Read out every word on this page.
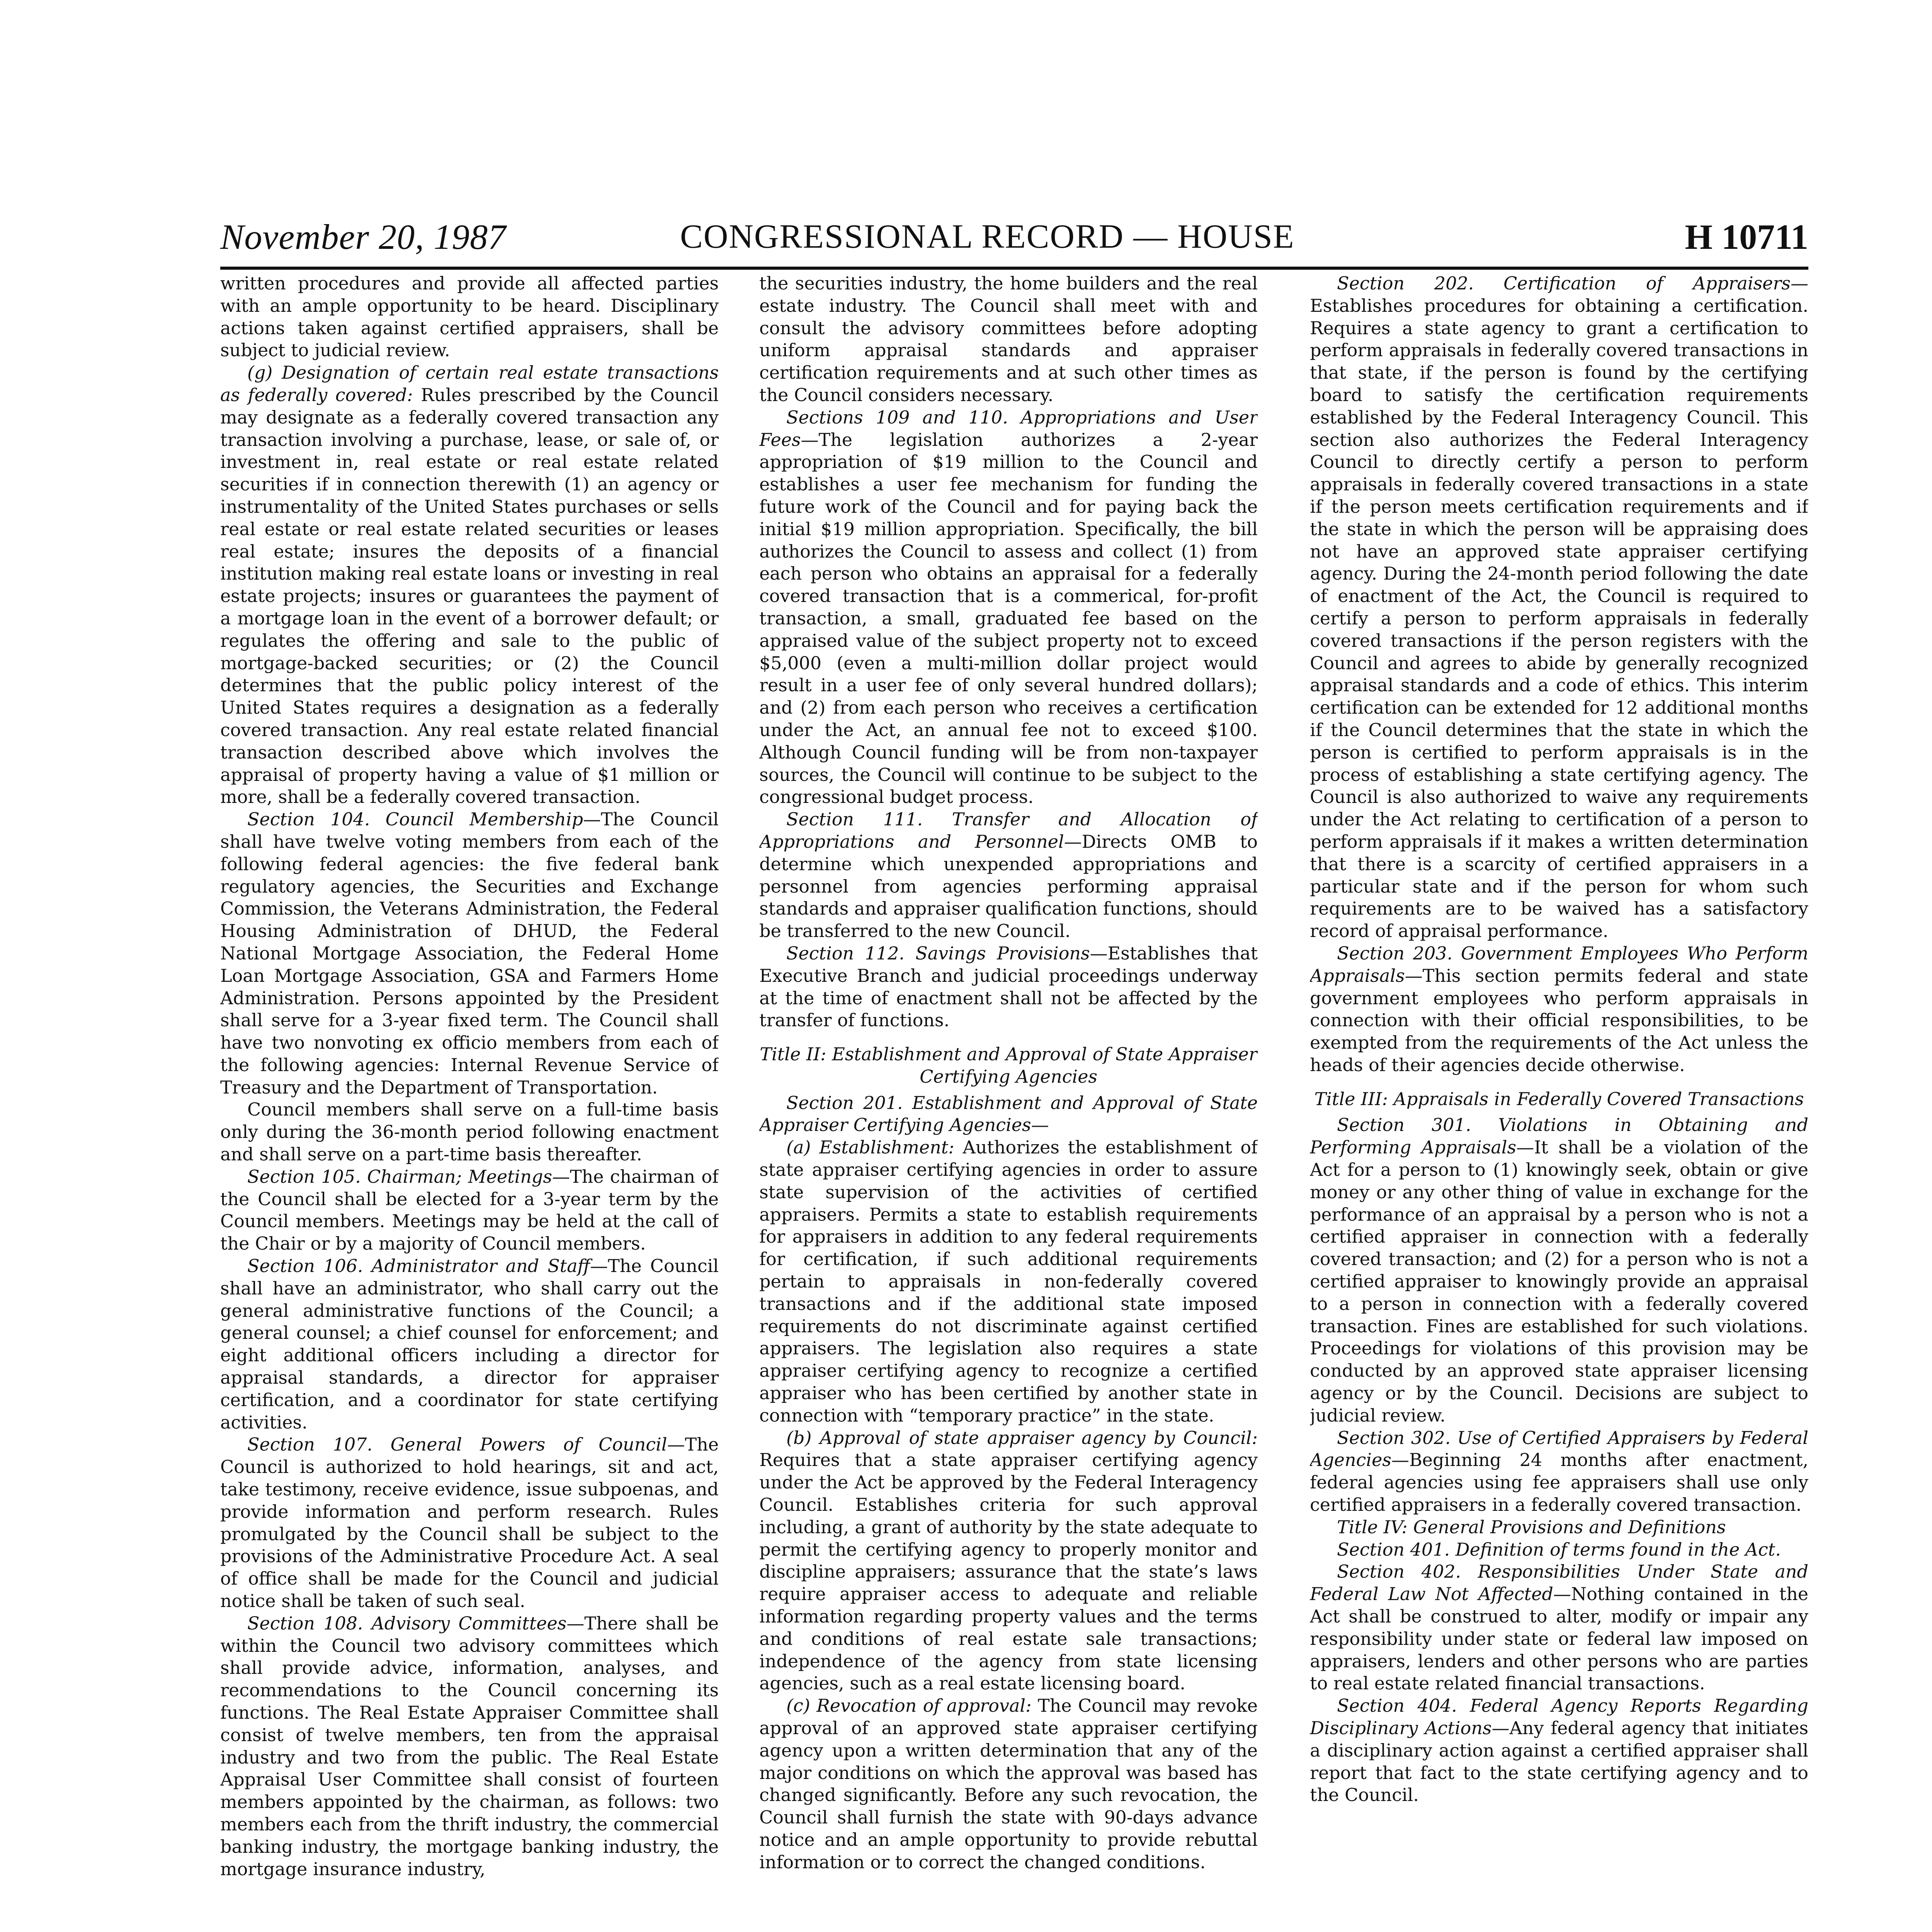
November 20, 1987	CONGRESSIONAL RECORD — HOUSE	H 10711

written procedures and provide all affected parties with an ample opportunity to be heard. Disciplinary actions taken against certified appraisers, shall be subject to judicial review.

(g) Designation of certain real estate transactions as federally covered: Rules prescribed by the Council may designate as a federally covered transaction any transaction involving a purchase, lease, or sale of, or investment in, real estate or real estate related securities if in connection therewith (1) an agency or instrumentality of the United States purchases or sells real estate or real estate related securities or leases real estate; insures the deposits of a financial institution making real estate loans or investing in real estate projects; insures or guarantees the payment of a mortgage loan in the event of a borrower default; or regulates the offering and sale to the public of mortgage-backed securities; or (2) the Council determines that the public policy interest of the United States requires a designation as a federally covered transaction. Any real estate related financial transaction described above which involves the appraisal of property having a value of $1 million or more, shall be a federally covered transaction.

Section 104. Council Membership—The Council shall have twelve voting members from each of the following federal agencies: the five federal bank regulatory agencies, the Securities and Exchange Commission, the Veterans Administration, the Federal Housing Administration of DHUD, the Federal National Mortgage Association, the Federal Home Loan Mortgage Association, GSA and Farmers Home Administration. Persons appointed by the President shall serve for a 3-year fixed term. The Council shall have two nonvoting ex officio members from each of the following agencies: Internal Revenue Service of Treasury and the Department of Transportation.

Council members shall serve on a full-time basis only during the 36-month period following enactment and shall serve on a part-time basis thereafter.

Section 105. Chairman; Meetings—The chairman of the Council shall be elected for a 3-year term by the Council members. Meetings may be held at the call of the Chair or by a majority of Council members.

Section 106. Administrator and Staff—The Council shall have an administrator, who shall carry out the general administrative functions of the Council; a general counsel; a chief counsel for enforcement; and eight additional officers including a director for appraisal standards, a director for appraiser certification, and a coordinator for state certifying activities.

Section 107. General Powers of Council—The Council is authorized to hold hearings, sit and act, take testimony, receive evidence, issue subpoenas, and provide information and perform research. Rules promulgated by the Council shall be subject to the provisions of the Administrative Procedure Act. A seal of office shall be made for the Council and judicial notice shall be taken of such seal.

Section 108. Advisory Committees—There shall be within the Council two advisory committees which shall provide advice, information, analyses, and recommendations to the Council concerning its functions. The Real Estate Appraiser Committee shall consist of twelve members, ten from the appraisal industry and two from the public. The Real Estate Appraisal User Committee shall consist of fourteen members appointed by the chairman, as follows: two members each from the thrift industry, the commercial banking industry, the mortgage banking industry, the mortgage insurance industry,

the securities industry, the home builders and the real estate industry. The Council shall meet with and consult the advisory committees before adopting uniform appraisal standards and appraiser certification requirements and at such other times as the Council considers necessary.

Sections 109 and 110. Appropriations and User Fees—The legislation authorizes a 2-year appropriation of $19 million to the Council and establishes a user fee mechanism for funding the future work of the Council and for paying back the initial $19 million appropriation. Specifically, the bill authorizes the Council to assess and collect (1) from each person who obtains an appraisal for a federally covered transaction that is a commerical, for-profit transaction, a small, graduated fee based on the appraised value of the subject property not to exceed $5,000 (even a multi-million dollar project would result in a user fee of only several hundred dollars); and (2) from each person who receives a certification under the Act, an annual fee not to exceed $100. Although Council funding will be from non-taxpayer sources, the Council will continue to be subject to the congressional budget process.

Section 111. Transfer and Allocation of Appropriations and Personnel—Directs OMB to determine which unexpended appropriations and personnel from agencies performing appraisal standards and appraiser qualification functions, should be transferred to the new Council.

Section 112. Savings Provisions—Establishes that Executive Branch and judicial proceedings underway at the time of enactment shall not be affected by the transfer of functions.

Title II: Establishment and Approval of State Appraiser Certifying Agencies

Section 201. Establishment and Approval of State Appraiser Certifying Agencies—

(a) Establishment: Authorizes the establishment of state appraiser certifying agencies in order to assure state supervision of the activities of certified appraisers. Permits a state to establish requirements for appraisers in addition to any federal requirements for certification, if such additional requirements pertain to appraisals in non-federally covered transactions and if the additional state imposed requirements do not discriminate against certified appraisers. The legislation also requires a state appraiser certifying agency to recognize a certified appraiser who has been certified by another state in connection with “temporary practice” in the state.

(b) Approval of state appraiser agency by Council: Requires that a state appraiser certifying agency under the Act be approved by the Federal Interagency Council. Establishes criteria for such approval including, a grant of authority by the state adequate to permit the certifying agency to properly monitor and discipline appraisers; assurance that the state’s laws require appraiser access to adequate and reliable information regarding property values and the terms and conditions of real estate sale transactions; independence of the agency from state licensing agencies, such as a real estate licensing board.

(c) Revocation of approval: The Council may revoke approval of an approved state appraiser certifying agency upon a written determination that any of the major conditions on which the approval was based has changed significantly. Before any such revocation, the Council shall furnish the state with 90-days advance notice and an ample opportunity to provide rebuttal information or to correct the changed conditions.

Section 202. Certification of Appraisers—Establishes procedures for obtaining a certification. Requires a state agency to grant a certification to perform appraisals in federally covered transactions in that state, if the person is found by the certifying board to satisfy the certification requirements established by the Federal Interagency Council. This section also authorizes the Federal Interagency Council to directly certify a person to perform appraisals in federally covered transactions in a state if the person meets certification requirements and if the state in which the person will be appraising does not have an approved state appraiser certifying agency. During the 24-month period following the date of enactment of the Act, the Council is required to certify a person to perform appraisals in federally covered transactions if the person registers with the Council and agrees to abide by generally recognized appraisal standards and a code of ethics. This interim certification can be extended for 12 additional months if the Council determines that the state in which the person is certified to perform appraisals is in the process of establishing a state certifying agency. The Council is also authorized to waive any requirements under the Act relating to certification of a person to perform appraisals if it makes a written determination that there is a scarcity of certified appraisers in a particular state and if the person for whom such requirements are to be waived has a satisfactory record of appraisal performance.

Section 203. Government Employees Who Perform Appraisals—This section permits federal and state government employees who perform appraisals in connection with their official responsibilities, to be exempted from the requirements of the Act unless the heads of their agencies decide otherwise.

Title III: Appraisals in Federally Covered Transactions

Section 301. Violations in Obtaining and Performing Appraisals—It shall be a violation of the Act for a person to (1) knowingly seek, obtain or give money or any other thing of value in exchange for the performance of an appraisal by a person who is not a certified appraiser in connection with a federally covered transaction; and (2) for a person who is not a certified appraiser to knowingly provide an appraisal to a person in connection with a federally covered transaction. Fines are established for such violations. Proceedings for violations of this provision may be conducted by an approved state appraiser licensing agency or by the Council. Decisions are subject to judicial review.

Section 302. Use of Certified Appraisers by Federal Agencies—Beginning 24 months after enactment, federal agencies using fee appraisers shall use only certified appraisers in a federally covered transaction.

Title IV: General Provisions and Definitions

Section 401. Definition of terms found in the Act.

Section 402. Responsibilities Under State and Federal Law Not Affected—Nothing contained in the Act shall be construed to alter, modify or impair any responsibility under state or federal law imposed on appraisers, lenders and other persons who are parties to real estate related financial transactions.

Section 404. Federal Agency Reports Regarding Disciplinary Actions—Any federal agency that initiates a disciplinary action against a certified appraiser shall report that fact to the state certifying agency and to the Council.
